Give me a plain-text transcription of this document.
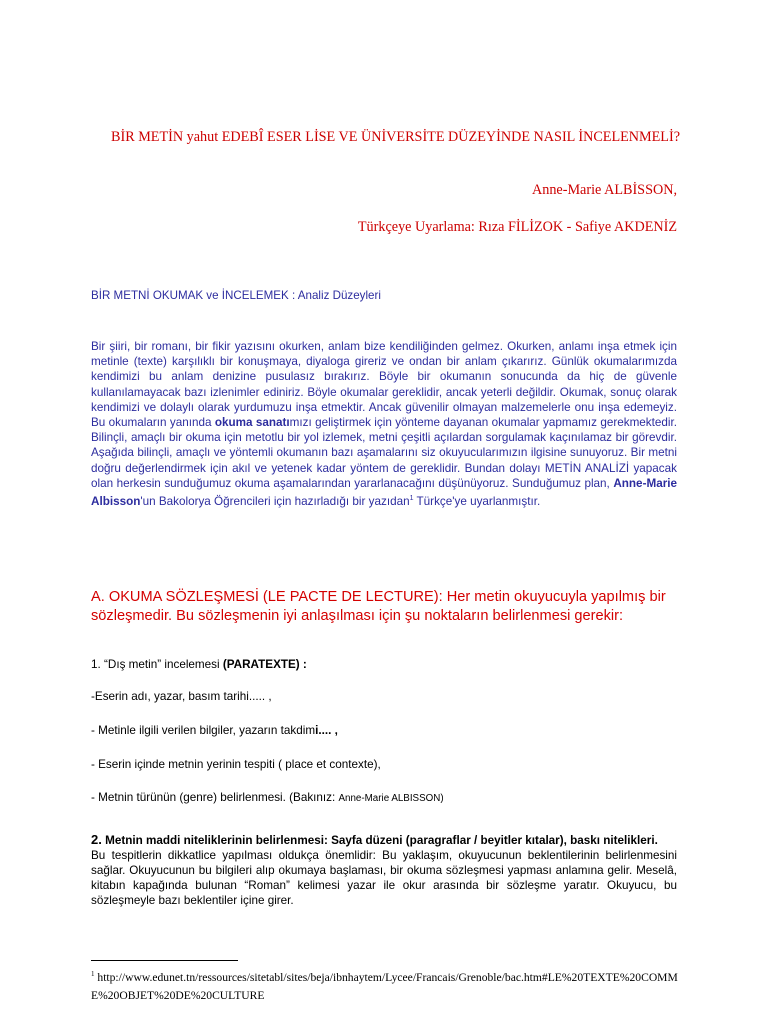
BİR METİN yahut EDEBÎ ESER LİSE VE ÜNİVERSİTE DÜZEYİNDE NASIL İNCELENMELİ?
Anne-Marie ALBİSSON,
Türkçeye Uyarlama: Rıza FİLİZOK - Safiye AKDENİZ
BİR METNİ OKUMAK ve İNCELEMEK : Analiz Düzeyleri
Bir şiiri, bir romanı, bir fikir yazısını okurken, anlam bize kendiliğinden gelmez. Okurken, anlamı inşa etmek için metinle (texte) karşılıklı bir konuşmaya, diyaloga gireriz ve ondan bir anlam çıkarırız. Günlük okumalarımızda kendimizi bu anlam denizine pusulasız bırakırız. Böyle bir okumanın sonucunda da hiç de güvenle kullanılamayacak bazı izlenimler ediniriz. Böyle okumalar gereklidir, ancak yeterli değildir. Okumak, sonuç olarak kendimizi ve dolaylı olarak yurdumuzu inşa etmektir. Ancak güvenilir olmayan malzemelerle onu inşa edemeyiz. Bu okumaların yanında okuma sanatımızı geliştirmek için yönteme dayanan okumalar yapmamız gerekmektedir. Bilinçli, amaçlı bir okuma için metotlu bir yol izlemek, metni çeşitli açılardan sorgulamak kaçınılamaz bir görevdir. Aşağıda bilinçli, amaçlı ve yöntemli okumanın bazı aşamalarını siz okuyucularımızın ilgisine sunuyoruz. Bir metni doğru değerlendirmek için akıl ve yetenek kadar yöntem de gereklidir. Bundan dolayı METİN ANALİZİ yapacak olan herkesin sunduğumuz okuma aşamalarından yararlanacağını düşünüyoruz. Sunduğumuz plan, Anne-Marie Albisson'un Bakolorya Öğrencileri için hazırladığı bir yazıdan$^1$ Türkçe'ye uyarlanmıştır.
A. OKUMA SÖZLEŞMESİ (LE PACTE DE LECTURE): Her metin okuyucuyla yapılmış bir sözleşmedir. Bu sözleşmenin iyi anlaşılması için şu noktaların belirlenmesi gerekir:
1. “Dış metin” incelemesi (PARATEXTE) :
-Eserin adı, yazar, basım tarihi..... ,
- Metinle ilgili verilen bilgiler, yazarın takdimi.... ,
- Eserin içinde metnin yerinin tespiti ( place et contexte),
- Metnin türünün (genre) belirlenmesi. (Bakınız: Anne-Marie ALBISSON)
2. Metnin maddi niteliklerinin belirlenmesi: Sayfa düzeni (paragraflar / beyitler kıtalar), baskı nitelikleri.
Bu tespitlerin dikkatlice yapılması oldukça önemlidir: Bu yaklaşım, okuyucunun beklentilerinin belirlenmesini sağlar. Okuyucunun bu bilgileri alıp okumaya başlaması, bir okuma sözleşmesi yapması anlamına gelir. Meselâ, kitabın kapağında bulunan “Roman” kelimesi yazar ile okur arasında bir sözleşme yaratır. Okuyucu, bu sözleşmeyle bazı beklentiler içine girer.
$^1$ http://www.edunet.tn/ressources/sitetabl/sites/beja/ibnhaytem/Lycee/Francais/Grenoble/bac.htm#LE%20TEXTE%20COMME%20OBJET%20DE%20CULTURE
